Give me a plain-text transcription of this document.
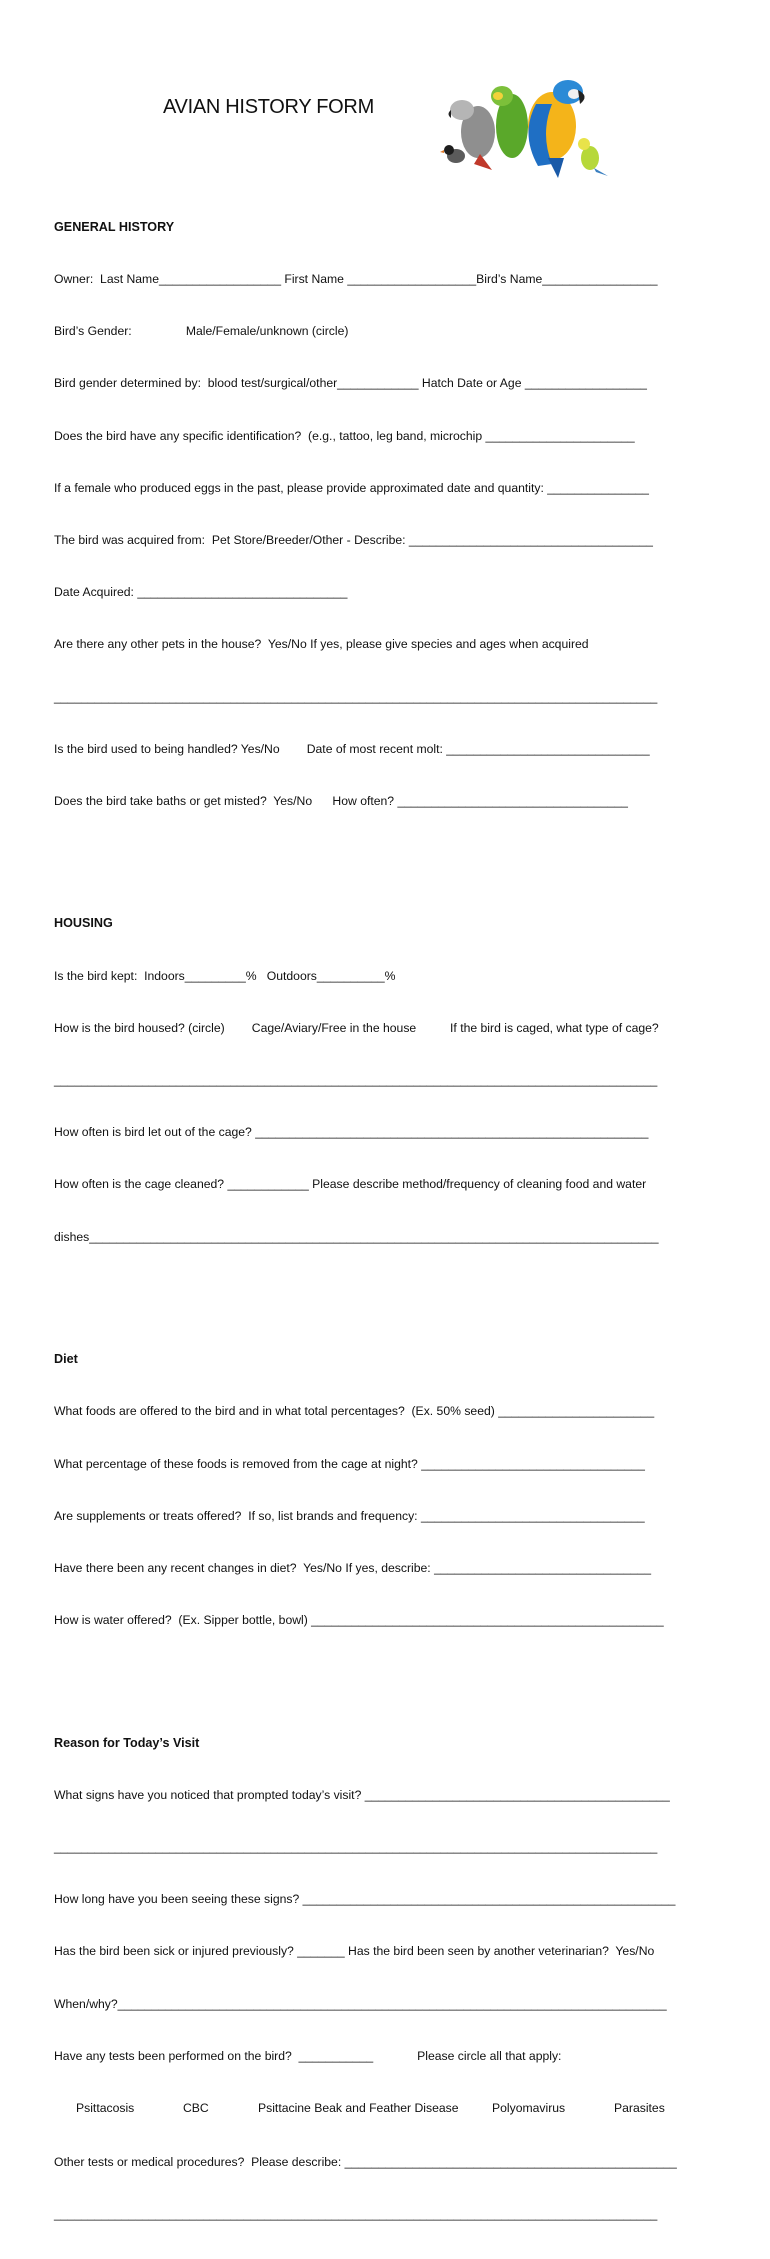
AVIAN HISTORY FORM

GENERAL HISTORY

Owner:  Last Name__________________ First Name ___________________Bird’s Name_________________

Bird’s Gender:                Male/Female/unknown (circle)

Bird gender determined by:  blood test/surgical/other____________ Hatch Date or Age __________________

Does the bird have any specific identification?  (e.g., tattoo, leg band, microchip ______________________

If a female who produced eggs in the past, please provide approximated date and quantity: _______________

The bird was acquired from:  Pet Store/Breeder/Other - Describe: ____________________________________

Date Acquired: _______________________________

Are there any other pets in the house?  Yes/No If yes, please give species and ages when acquired

_________________________________________________________________________________________

Is the bird used to being handled? Yes/No        Date of most recent molt: ______________________________

Does the bird take baths or get misted?  Yes/No      How often? __________________________________

HOUSING

Is the bird kept:  Indoors_________%   Outdoors__________%

How is the bird housed? (circle)        Cage/Aviary/Free in the house          If the bird is caged, what type of cage?

_________________________________________________________________________________________

How often is bird let out of the cage? __________________________________________________________

How often is the cage cleaned? ____________ Please describe method/frequency of cleaning food and water

dishes____________________________________________________________________________________

Diet

What foods are offered to the bird and in what total percentages?  (Ex. 50% seed) _______________________

What percentage of these foods is removed from the cage at night? _________________________________

Are supplements or treats offered?  If so, list brands and frequency: _________________________________

Have there been any recent changes in diet?  Yes/No If yes, describe: ________________________________

How is water offered?  (Ex. Sipper bottle, bowl) ____________________________________________________

Reason for Today’s Visit

What signs have you noticed that prompted today’s visit? _____________________________________________

_________________________________________________________________________________________

How long have you been seeing these signs? _______________________________________________________

Has the bird been sick or injured previously? _______ Has the bird been seen by another veterinarian?  Yes/No

When/why?_________________________________________________________________________________

Have any tests been performed on the bird?  ___________             Please circle all that apply:

Psittacosis

	CBC

	Psittacine Beak and Feather Disease

	Polyomavirus

	Parasites

Other tests or medical procedures?  Please describe: _________________________________________________

_________________________________________________________________________________________
